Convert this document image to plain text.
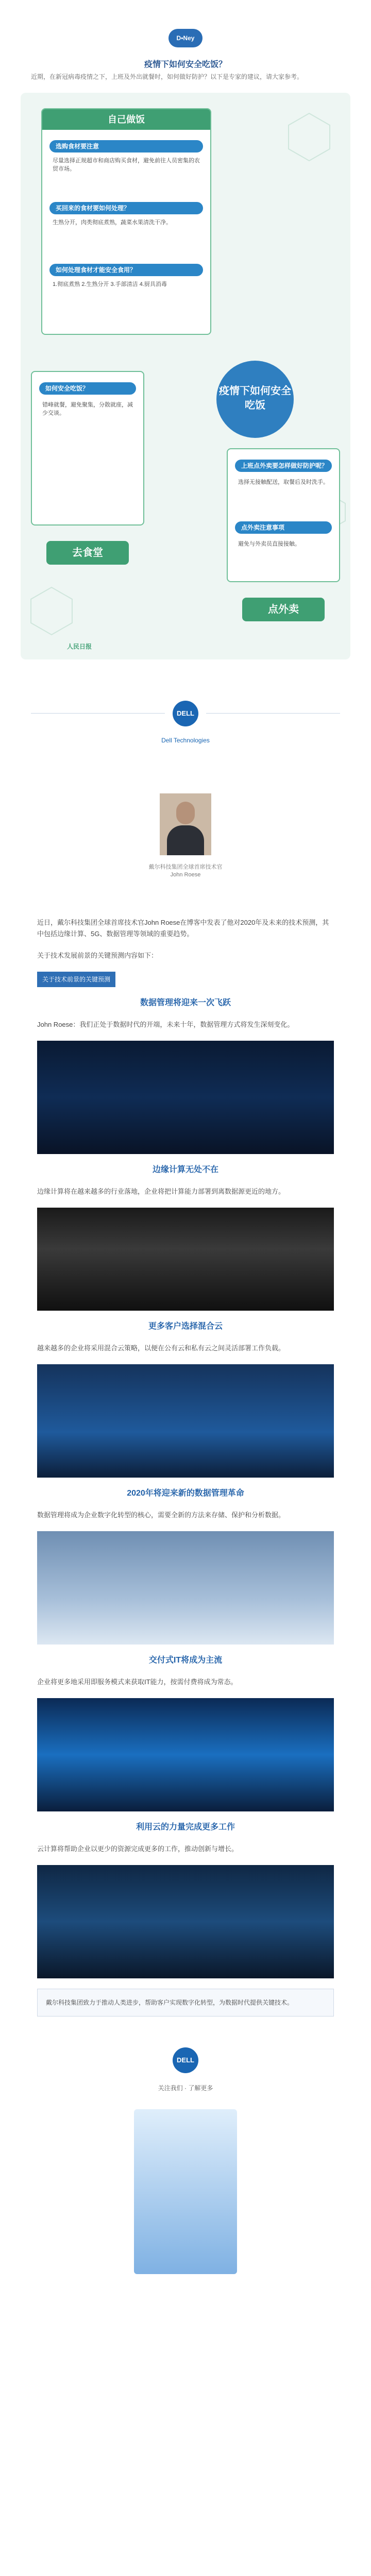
D•Ney
疫情下如何安全吃饭？
近期，在新冠病毒疫情之下，上班及外出就餐时，如何做好防护？以下是专家的建议，请大家参考。
自己做饭
选购食材要注意
尽量选择正规超市和商店购买食材，避免前往人员密集的农贸市场。
买回来的食材要如何处理？
生熟分开，肉类彻底煮熟，蔬菜水果清洗干净。
如何处理食材才能安全食用？
1.彻底煮熟 2.生熟分开 3.手部清洁 4.厨具消毒
疫情下如何安全吃饭
如何安全吃饭？
错峰就餐，避免聚集，分散就座，减少交谈。
去食堂
上班点外卖要怎样做好防护呢？
选择无接触配送，取餐后及时洗手。
点外卖注意事项
避免与外卖员直接接触。
点外卖
人民日报
DELL
Dell Technologies
戴尔科技集团全球首席技术官
John Roese
近日，戴尔科技集团全球首席技术官John Roese在博客中发表了他对2020年及未来的技术预测，其中包括边缘计算、5G、数据管理等领域的重要趋势。
关于技术发展前景的关键预测内容如下：
关于技术前景的关键预测
数据管理将迎来一次飞跃
John Roese：我们正处于数据时代的开端，未来十年，数据管理方式将发生深刻变化。
边缘计算无处不在
边缘计算将在越来越多的行业落地，企业将把计算能力部署到离数据源更近的地方。
更多客户选择混合云
越来越多的企业将采用混合云策略，以便在公有云和私有云之间灵活部署工作负载。
2020年将迎来新的数据管理革命
数据管理将成为企业数字化转型的核心，需要全新的方法来存储、保护和分析数据。
交付式IT将成为主流
企业将更多地采用即服务模式来获取IT能力，按需付费将成为常态。
利用云的力量完成更多工作
云计算将帮助企业以更少的资源完成更多的工作，推动创新与增长。
戴尔科技集团致力于推动人类进步，帮助客户实现数字化转型，为数据时代提供关键技术。
DELL
关注我们 · 了解更多
